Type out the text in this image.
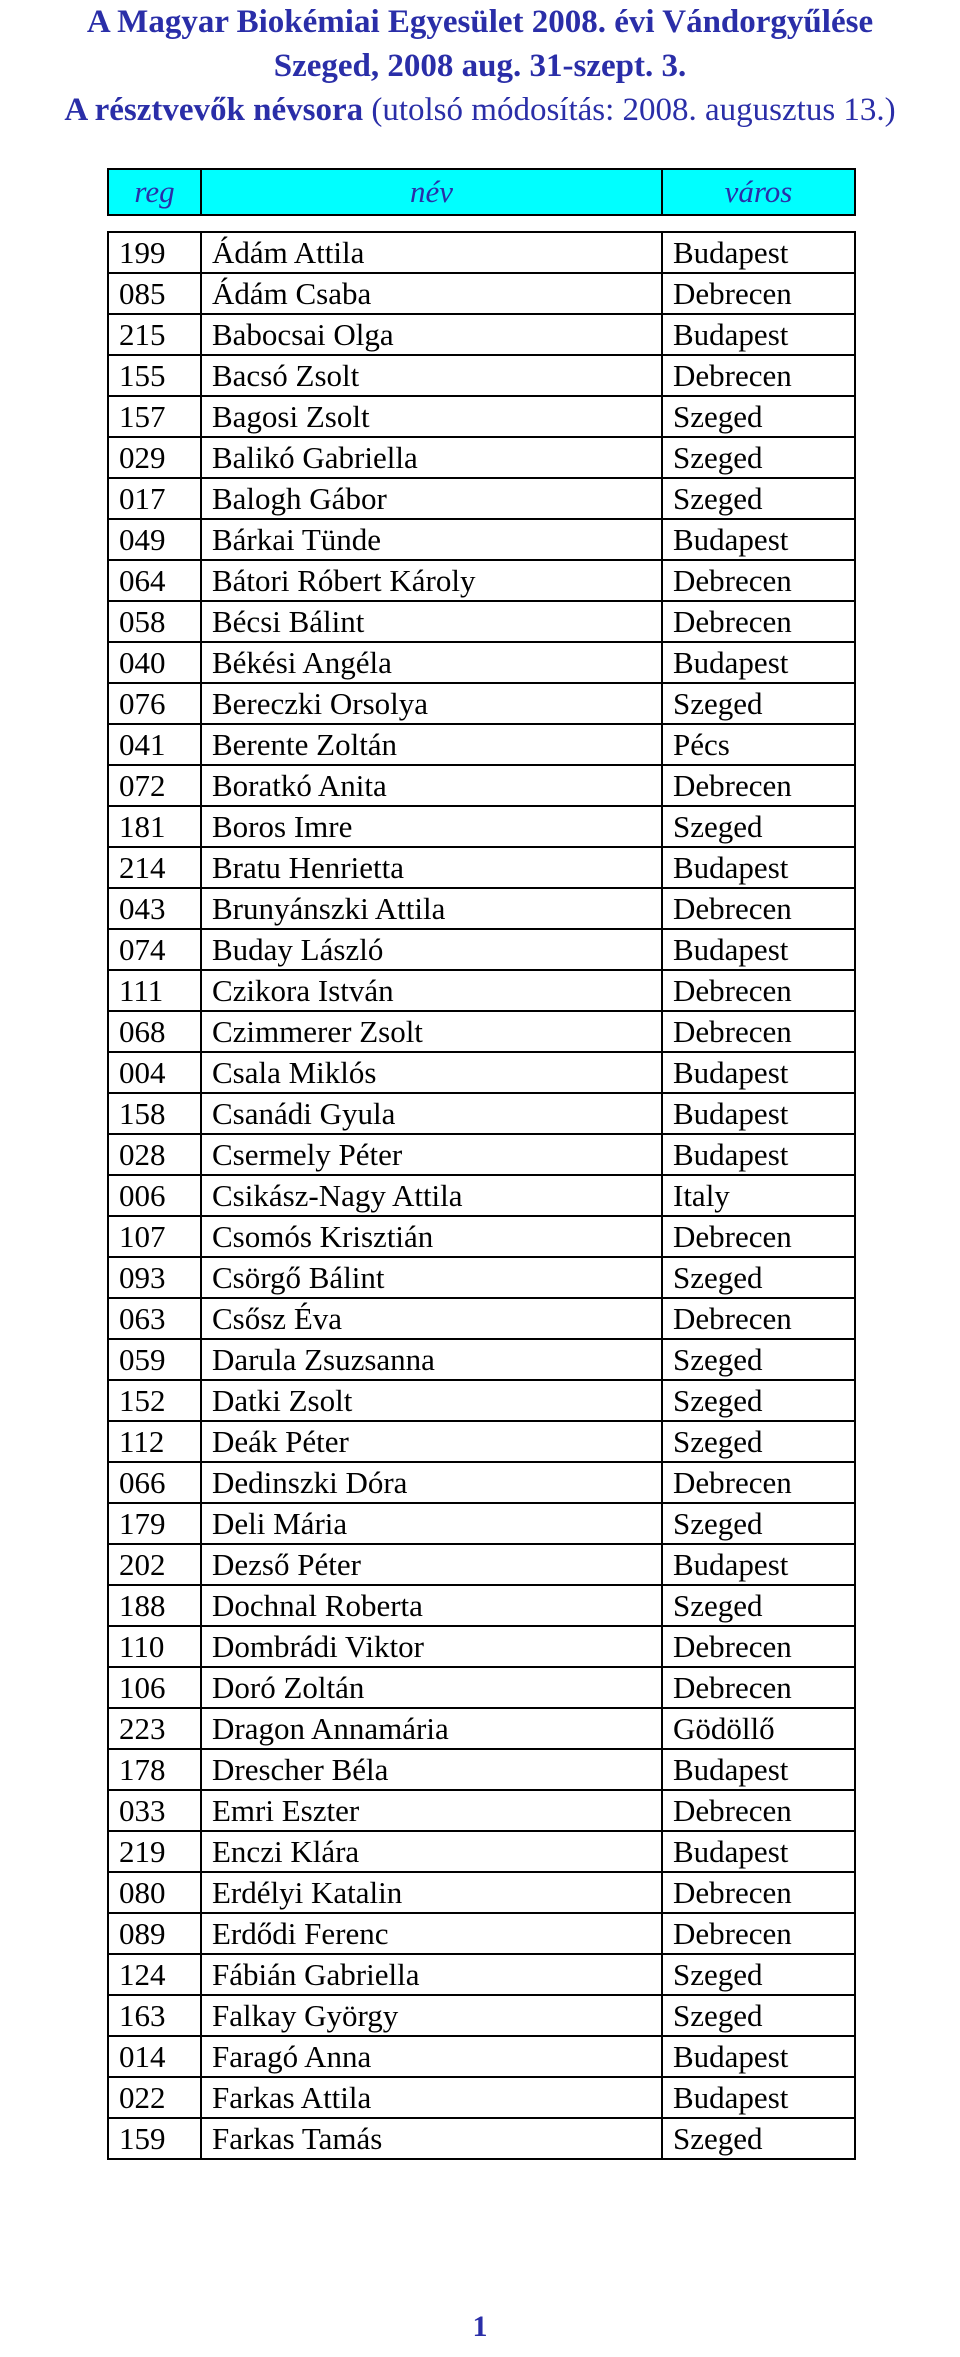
A Magyar Biokémiai Egyesület 2008. évi Vándorgyűlése
Szeged, 2008 aug. 31-szept. 3.
A résztvevők névsora (utolsó módosítás: 2008. augusztus 13.)
reg	név	város
199	Ádám Attila	Budapest
085	Ádám Csaba	Debrecen
215	Babocsai Olga	Budapest
155	Bacsó Zsolt	Debrecen
157	Bagosi Zsolt	Szeged
029	Balikó Gabriella	Szeged
017	Balogh Gábor	Szeged
049	Bárkai Tünde	Budapest
064	Bátori Róbert Károly	Debrecen
058	Bécsi Bálint	Debrecen
040	Békési Angéla	Budapest
076	Bereczki Orsolya	Szeged
041	Berente Zoltán	Pécs
072	Boratkó Anita	Debrecen
181	Boros Imre	Szeged
214	Bratu Henrietta	Budapest
043	Brunyánszki Attila	Debrecen
074	Buday László	Budapest
111	Czikora István	Debrecen
068	Czimmerer Zsolt	Debrecen
004	Csala Miklós	Budapest
158	Csanádi Gyula	Budapest
028	Csermely Péter	Budapest
006	Csikász-Nagy Attila	Italy
107	Csomós Krisztián	Debrecen
093	Csörgő Bálint	Szeged
063	Csősz Éva	Debrecen
059	Darula Zsuzsanna	Szeged
152	Datki Zsolt	Szeged
112	Deák Péter	Szeged
066	Dedinszki Dóra	Debrecen
179	Deli Mária	Szeged
202	Dezső Péter	Budapest
188	Dochnal Roberta	Szeged
110	Dombrádi Viktor	Debrecen
106	Doró Zoltán	Debrecen
223	Dragon Annamária	Gödöllő
178	Drescher Béla	Budapest
033	Emri Eszter	Debrecen
219	Enczi Klára	Budapest
080	Erdélyi Katalin	Debrecen
089	Erdődi Ferenc	Debrecen
124	Fábián Gabriella	Szeged
163	Falkay György	Szeged
014	Faragó Anna	Budapest
022	Farkas Attila	Budapest
159	Farkas Tamás	Szeged
1
